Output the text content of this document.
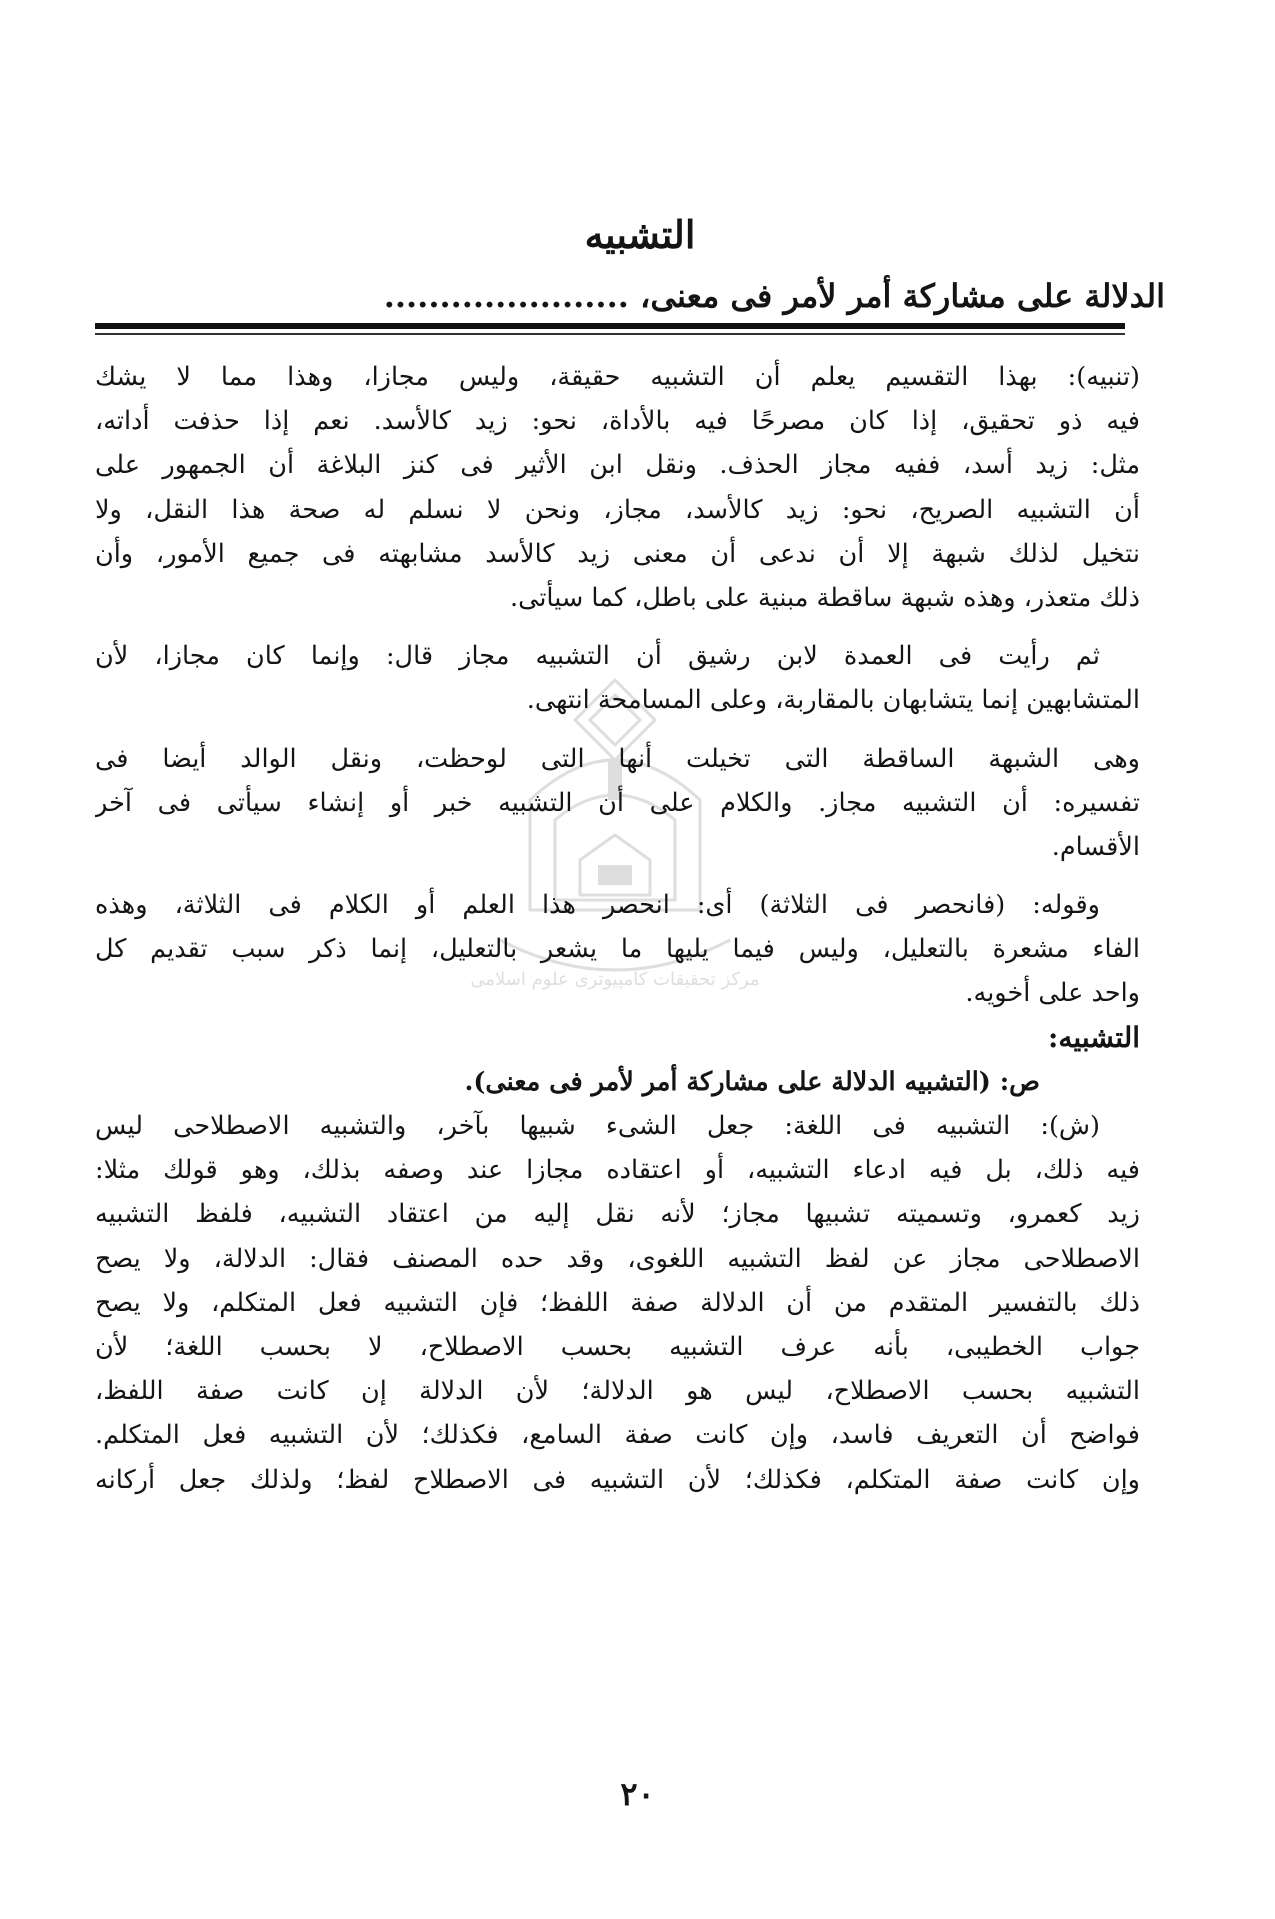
التشبيه
الدلالة على مشاركة أمر لأمر فى معنى، ......................
مركز تحقيقات كامپيوترى علوم اسلامى
(تنبيه): بهذا التقسيم يعلم أن التشبيه حقيقة، وليس مجازا، وهذا مما لا يشك
فيه ذو تحقيق، إذا كان مصرحًا فيه بالأداة، نحو: زيد كالأسد. نعم إذا حذفت أداته،
مثل: زيد أسد، ففيه مجاز الحذف. ونقل ابن الأثير فى كنز البلاغة أن الجمهور على
أن التشبيه الصريح، نحو: زيد كالأسد، مجاز، ونحن لا نسلم له صحة هذا النقل، ولا
نتخيل لذلك شبهة إلا أن ندعى أن معنى زيد كالأسد مشابهته فى جميع الأمور، وأن
ذلك متعذر، وهذه شبهة ساقطة مبنية على باطل، كما سيأتى.
ثم رأيت فى العمدة لابن رشيق أن التشبيه مجاز قال: وإنما كان مجازا، لأن
المتشابهين إنما يتشابهان بالمقاربة، وعلى المسامحة انتهى.
وهى الشبهة الساقطة التى تخيلت أنها التى لوحظت، ونقل الوالد أيضا فى
تفسيره: أن التشبيه مجاز. والكلام على أن التشبيه خبر أو إنشاء سيأتى فى آخر
الأقسام.
وقوله: (فانحصر فى الثلاثة) أى: انحصر هذا العلم أو الكلام فى الثلاثة، وهذه
الفاء مشعرة بالتعليل، وليس فيما يليها ما يشعر بالتعليل، إنما ذكر سبب تقديم كل
واحد على أخويه.
التشبيه:
ص: (التشبيه الدلالة على مشاركة أمر لأمر فى معنى).
(ش): التشبيه فى اللغة: جعل الشىء شبيها بآخر، والتشبيه الاصطلاحى ليس
فيه ذلك، بل فيه ادعاء التشبيه، أو اعتقاده مجازا عند وصفه بذلك، وهو قولك مثلا:
زيد كعمرو، وتسميته تشبيها مجاز؛ لأنه نقل إليه من اعتقاد التشبيه، فلفظ التشبيه
الاصطلاحى مجاز عن لفظ التشبيه اللغوى، وقد حده المصنف فقال: الدلالة، ولا يصح
ذلك بالتفسير المتقدم من أن الدلالة صفة اللفظ؛ فإن التشبيه فعل المتكلم، ولا يصح
جواب الخطيبى، بأنه عرف التشبيه بحسب الاصطلاح، لا بحسب اللغة؛ لأن
التشبيه بحسب الاصطلاح، ليس هو الدلالة؛ لأن الدلالة إن كانت صفة اللفظ،
فواضح أن التعريف فاسد، وإن كانت صفة السامع، فكذلك؛ لأن التشبيه فعل المتكلم.
وإن كانت صفة المتكلم، فكذلك؛ لأن التشبيه فى الاصطلاح لفظ؛ ولذلك جعل أركانه
٢٠
